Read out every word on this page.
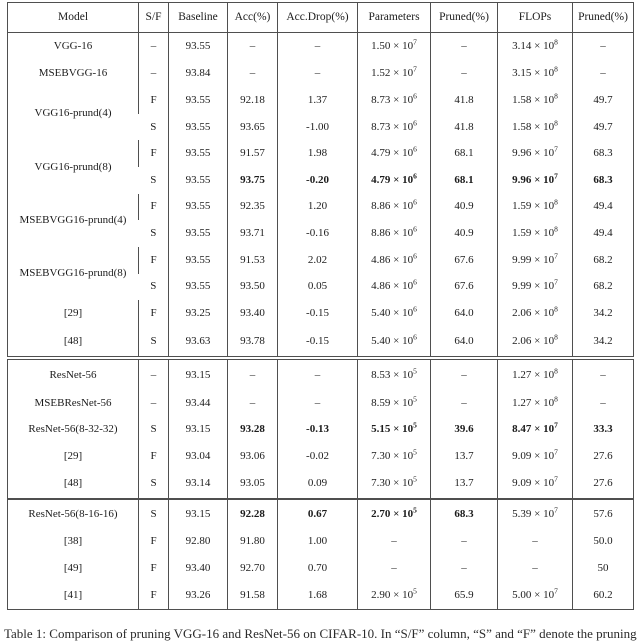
Model	S/F	Baseline	Acc(%)	Acc.Drop(%)	Parameters	Pruned(%)	FLOPs	Pruned(%)
VGG-16	–	93.55	–	–	$1.50 \times 10^7$	–	$3.14 \times 10^8$	–
MSEBVGG-16	–	93.84	–	–	$1.52 \times 10^7$	–	$3.15 \times 10^8$	–
VGG16-prund(4)	F	93.55	92.18	1.37	$8.73 \times 10^6$	41.8	$1.58 \times 10^8$	49.7
	S	93.55	93.65	-1.00	$8.73 \times 10^6$	41.8	$1.58 \times 10^8$	49.7
VGG16-prund(8)	F	93.55	91.57	1.98	$4.79 \times 10^6$	68.1	$9.96 \times 10^7$	68.3
	S	93.55	93.75	-0.20	$4.79 \times 10^6$	68.1	$9.96 \times 10^7$	68.3
MSEBVGG16-prund(4)	F	93.55	92.35	1.20	$8.86 \times 10^6$	40.9	$1.59 \times 10^8$	49.4
	S	93.55	93.71	-0.16	$8.86 \times 10^6$	40.9	$1.59 \times 10^8$	49.4
MSEBVGG16-prund(8)	F	93.55	91.53	2.02	$4.86 \times 10^6$	67.6	$9.99 \times 10^7$	68.2
	S	93.55	93.50	0.05	$4.86 \times 10^6$	67.6	$9.99 \times 10^7$	68.2
[29]	F	93.25	93.40	-0.15	$5.40 \times 10^6$	64.0	$2.06 \times 10^8$	34.2
[48]	S	93.63	93.78	-0.15	$5.40 \times 10^6$	64.0	$2.06 \times 10^8$	34.2
ResNet-56	–	93.15	–	–	$8.53 \times 10^5$	–	$1.27 \times 10^8$	–
MSEBResNet-56	–	93.44	–	–	$8.59 \times 10^5$	–	$1.27 \times 10^8$	–
ResNet-56(8-32-32)	S	93.15	93.28	-0.13	$5.15 \times 10^5$	39.6	$8.47 \times 10^7$	33.3
[29]	F	93.04	93.06	-0.02	$7.30 \times 10^5$	13.7	$9.09 \times 10^7$	27.6
[48]	S	93.14	93.05	0.09	$7.30 \times 10^5$	13.7	$9.09 \times 10^7$	27.6
ResNet-56(8-16-16)	S	93.15	92.28	0.67	$2.70 \times 10^5$	68.3	$5.39 \times 10^7$	57.6
[38]	F	92.80	91.80	1.00	–	–	–	50.0
[49]	F	93.40	92.70	0.70	–	–	–	50
[41]	F	93.26	91.58	1.68	$2.90 \times 10^5$	65.9	$5.00 \times 10^7$	60.2
Table 1: Comparison of pruning VGG-16 and ResNet-56 on CIFAR-10. In “S/F” column, “S” and “F” denote the pruning
